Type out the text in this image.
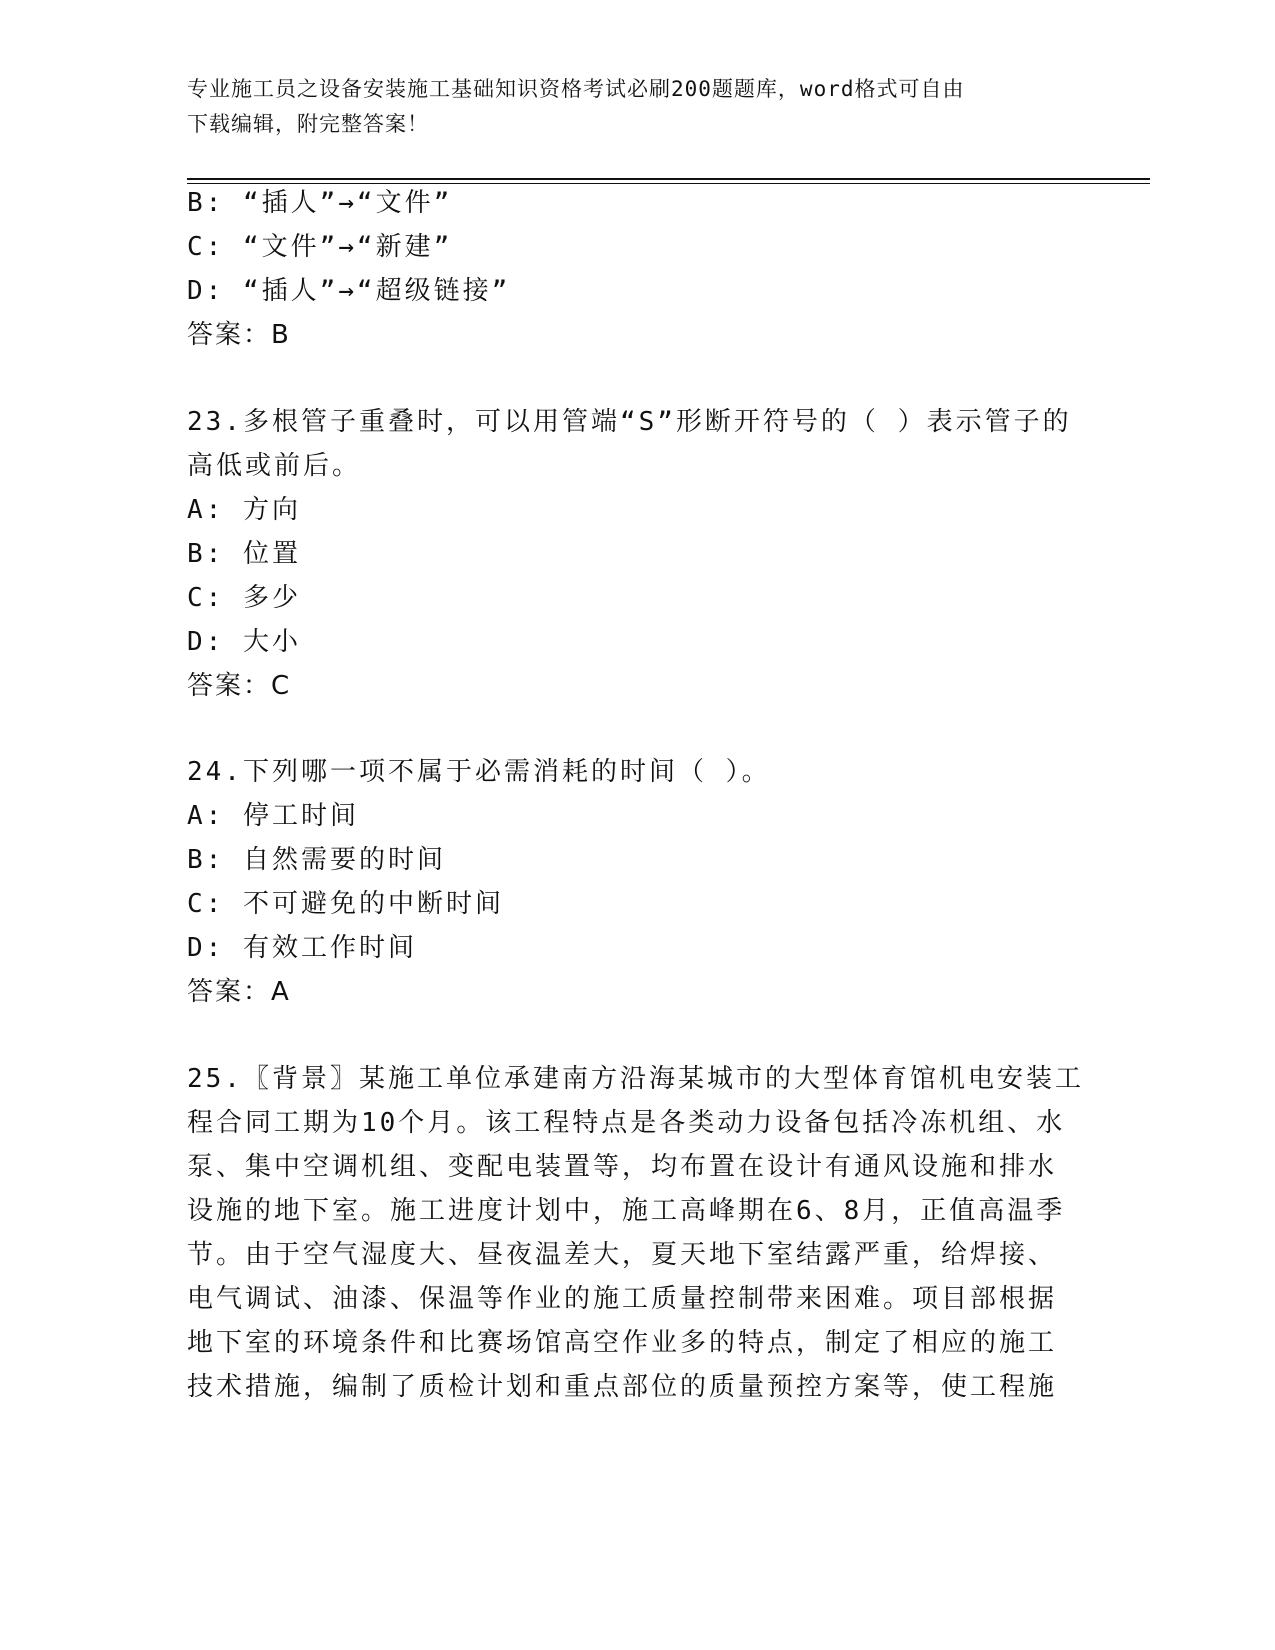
专业施工员之设备安装施工基础知识资格考试必刷200题题库，word格式可自由
下载编辑，附完整答案！
B: “插人”→“文件”
C: “文件”→“新建”
D: “插人”→“超级链接”
答案：B
23.多根管子重叠时，可以用管端“S”形断开符号的（ ）表示管子的
高低或前后。
A: 方向
B: 位置
C: 多少
D: 大小
答案：C
24.下列哪一项不属于必需消耗的时间（ ）。
A: 停工时间
B: 自然需要的时间
C: 不可避免的中断时间
D: 有效工作时间
答案：A
25.〖背景〗某施工单位承建南方沿海某城市的大型体育馆机电安装工
程合同工期为10个月。该工程特点是各类动力设备包括冷冻机组、水
泵、集中空调机组、变配电装置等，均布置在设计有通风设施和排水
设施的地下室。施工进度计划中，施工高峰期在6、8月，正值高温季
节。由于空气湿度大、昼夜温差大，夏天地下室结露严重，给焊接、
电气调试、油漆、保温等作业的施工质量控制带来困难。项目部根据
地下室的环境条件和比赛场馆高空作业多的特点，制定了相应的施工
技术措施，编制了质检计划和重点部位的质量预控方案等，使工程施
